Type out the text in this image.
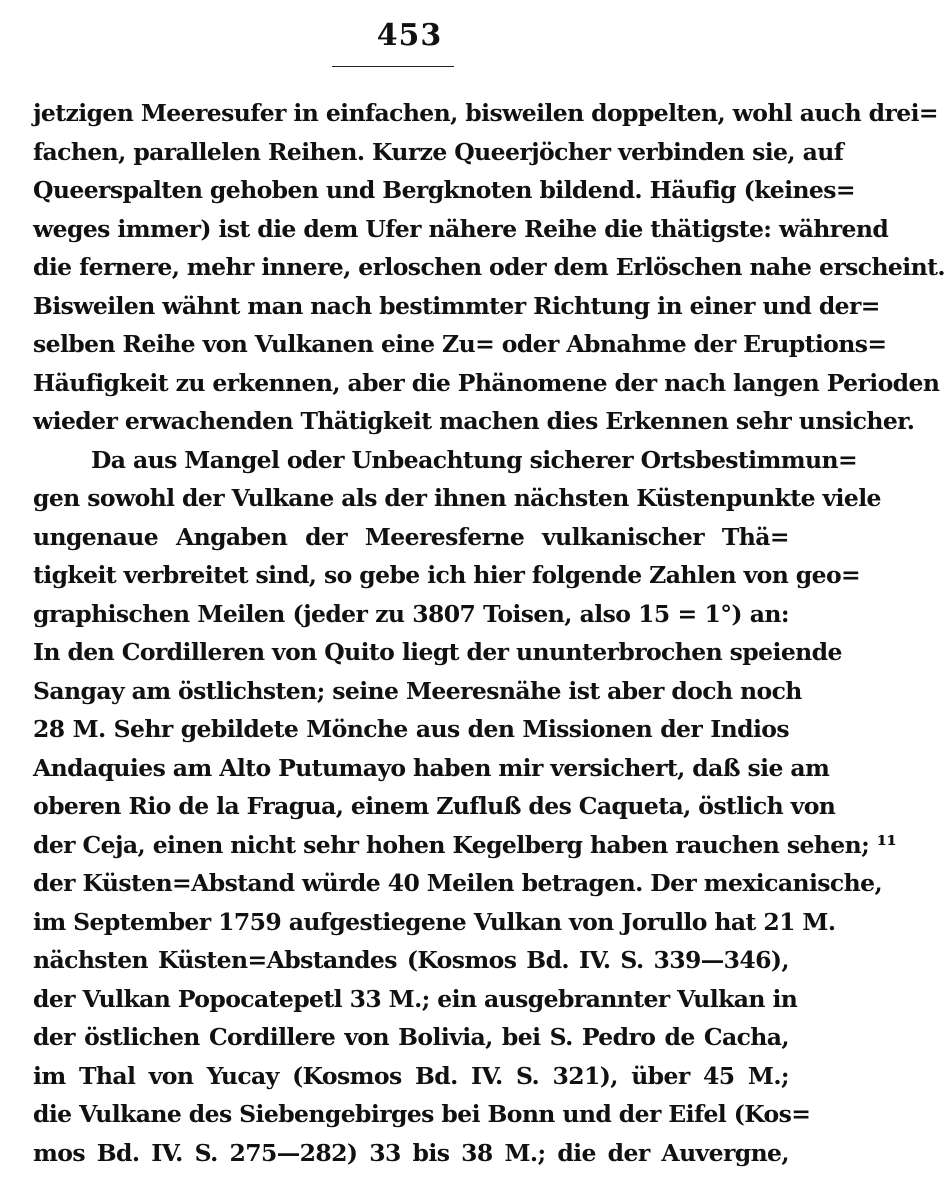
453
jetzigen Meeresufer in einfachen, bisweilen doppelten, wohl auch drei=
fachen, parallelen Reihen. Kurze Queerjöcher verbinden sie, auf
Queerspalten gehoben und Bergknoten bildend. Häufig (keines=
weges immer) ist die dem Ufer nähere Reihe die thätigste: während
die fernere, mehr innere, erloschen oder dem Erlöschen nahe erscheint.
Bisweilen wähnt man nach bestimmter Richtung in einer und der=
selben Reihe von Vulkanen eine Zu= oder Abnahme der Eruptions=
Häufigkeit zu erkennen, aber die Phänomene der nach langen Perioden
wieder erwachenden Thätigkeit machen dies Erkennen sehr unsicher.
Da aus Mangel oder Unbeachtung sicherer Ortsbestimmun=
gen sowohl der Vulkane als der ihnen nächsten Küstenpunkte viele
ungenaue Angaben der Meeresferne vulkanischer Thä=
tigkeit verbreitet sind, so gebe ich hier folgende Zahlen von geo=
graphischen Meilen (jeder zu 3807 Toisen, also 15 = 1°) an:
In den Cordilleren von Quito liegt der ununterbrochen speiende
Sangay am östlichsten; seine Meeresnähe ist aber doch noch
28 M. Sehr gebildete Mönche aus den Missionen der Indios
Andaquies am Alto Putumayo haben mir versichert, daß sie am
oberen Rio de la Fragua, einem Zufluß des Caqueta, östlich von
der Ceja, einen nicht sehr hohen Kegelberg haben rauchen sehen; ¹¹
der Küsten=Abstand würde 40 Meilen betragen. Der mexicanische,
im September 1759 aufgestiegene Vulkan von Jorullo hat 21 M.
nächsten Küsten=Abstandes (Kosmos Bd. IV. S. 339—346),
der Vulkan Popocatepetl 33 M.; ein ausgebrannter Vulkan in
der östlichen Cordillere von Bolivia, bei S. Pedro de Cacha,
im Thal von Yucay (Kosmos Bd. IV. S. 321), über 45 M.;
die Vulkane des Siebengebirges bei Bonn und der Eifel (Kos=
mos Bd. IV. S. 275—282) 33 bis 38 M.; die der Auvergne,
